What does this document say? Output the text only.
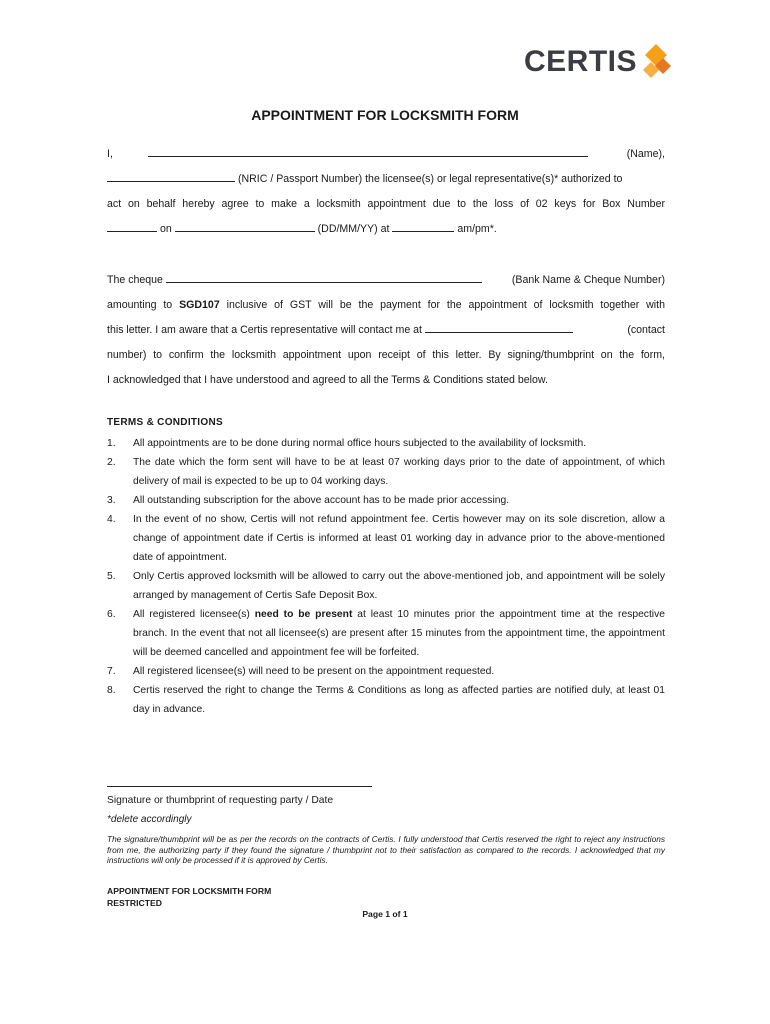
CERTIS
APPOINTMENT FOR LOCKSMITH FORM
I,	(Name),
(NRIC / Passport Number) the licensee(s) or legal representative(s)* authorized to
act on behalf hereby agree to make a locksmith appointment due to the loss of 02 keys for Box Number
on	(DD/MM/YY) at	am/pm*.
The cheque	(Bank Name & Cheque Number)
amounting to SGD107 inclusive of GST will be the payment for the appointment of locksmith together with
this letter. I am aware that a Certis representative will contact me at	(contact
number) to confirm the locksmith appointment upon receipt of this letter. By signing/thumbprint on the form,
I acknowledged that I have understood and agreed to all the Terms & Conditions stated below.
TERMS & CONDITIONS
1. All appointments are to be done during normal office hours subjected to the availability of locksmith.
2. The date which the form sent will have to be at least 07 working days prior to the date of appointment, of which delivery of mail is expected to be up to 04 working days.
3. All outstanding subscription for the above account has to be made prior accessing.
4. In the event of no show, Certis will not refund appointment fee. Certis however may on its sole discretion, allow a change of appointment date if Certis is informed at least 01 working day in advance prior to the above-mentioned date of appointment.
5. Only Certis approved locksmith will be allowed to carry out the above-mentioned job, and appointment will be solely arranged by management of Certis Safe Deposit Box.
6. All registered licensee(s) need to be present at least 10 minutes prior the appointment time at the respective branch. In the event that not all licensee(s) are present after 15 minutes from the appointment time, the appointment will be deemed cancelled and appointment fee will be forfeited.
7. All registered licensee(s) will need to be present on the appointment requested.
8. Certis reserved the right to change the Terms & Conditions as long as affected parties are notified duly, at least 01 day in advance.
Signature or thumbprint of requesting party / Date
*delete accordingly
The signature/thumbprint will be as per the records on the contracts of Certis. I fully understood that Certis reserved the right to reject any instructions from me, the authorizing party if they found the signature / thumbprint not to their satisfaction as compared to the records. I acknowledged that my instructions will only be processed if it is approved by Certis.
APPOINTMENT FOR LOCKSMITH FORM
RESTRICTED
Page 1 of 1
